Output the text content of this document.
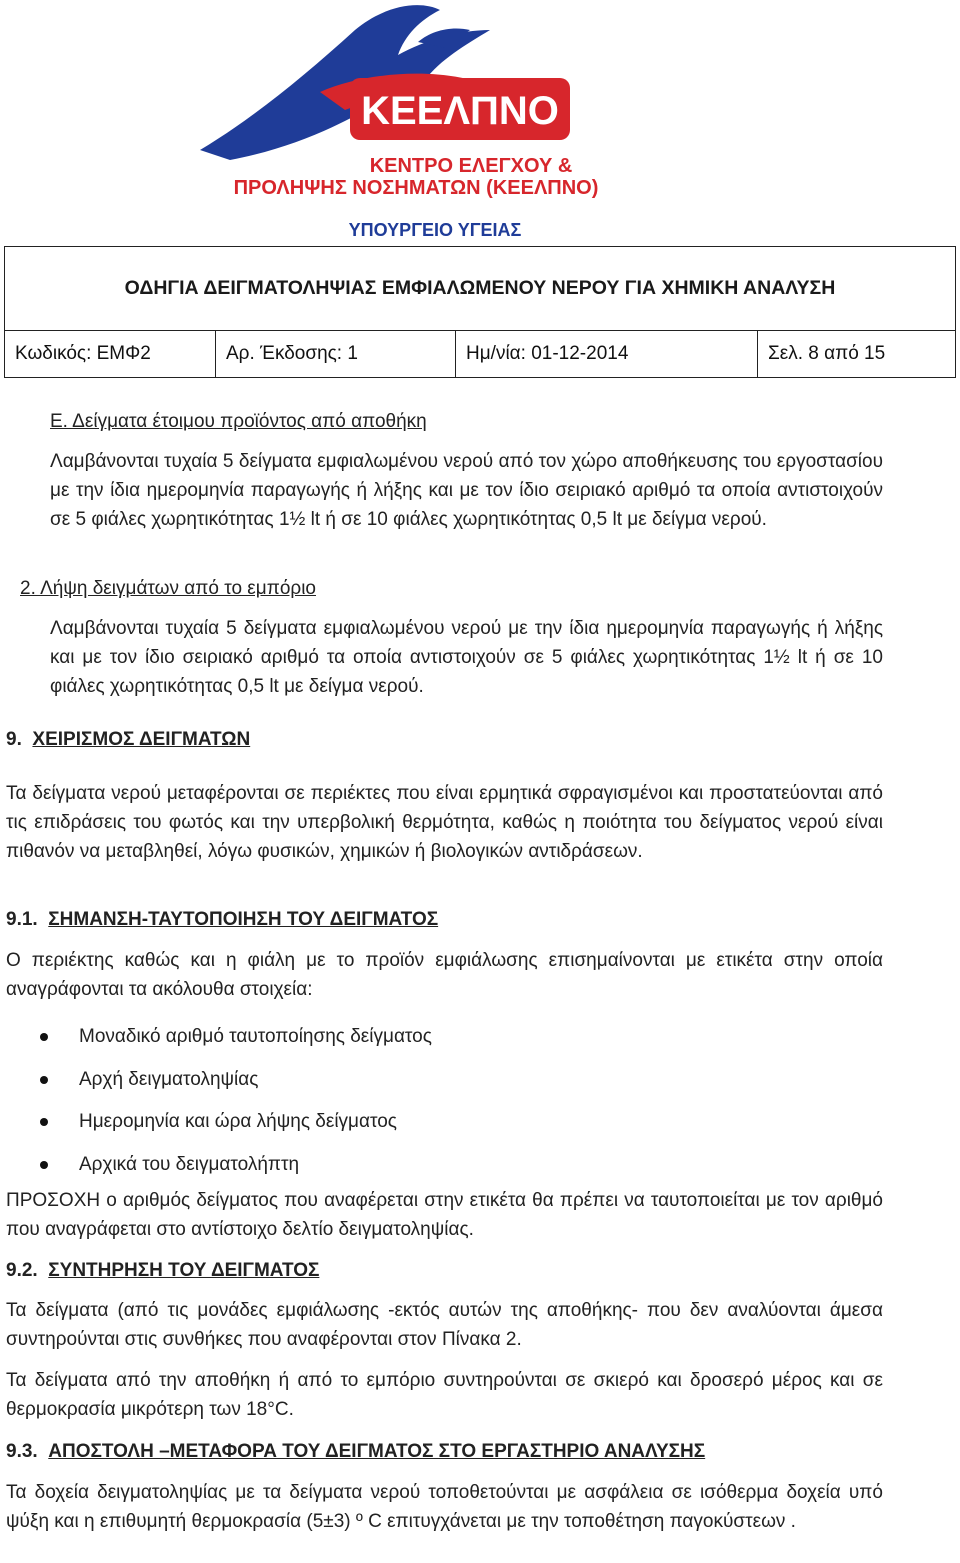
ΚΕΕΛΠΝΟ
ΚΕΝΤΡΟ ΕΛΕΓΧΟΥ &
ΠΡΟΛΗΨΗΣ ΝΟΣΗΜΑΤΩΝ (ΚΕΕΛΠΝΟ)
ΥΠΟΥΡΓΕΙΟ ΥΓΕΙΑΣ
ΟΔΗΓΙΑ ΔΕΙΓΜΑΤΟΛΗΨΙΑΣ ΕΜΦΙΑΛΩΜΕΝΟΥ ΝΕΡΟΥ ΓΙΑ ΧΗΜΙΚΗ ΑΝΑΛΥΣΗ
Κωδικός: ΕΜΦ2	Αρ. Έκδοσης: 1	Ημ/νία: 01-12-2014	Σελ. 8 από 15

Ε. Δείγματα έτοιμου προϊόντος από αποθήκη

Λαμβάνονται τυχαία 5 δείγματα εμφιαλωμένου νερού από τον χώρο αποθήκευσης του εργοστασίου με την ίδια ημερομηνία παραγωγής ή λήξης και με τον ίδιο σειριακό αριθμό τα οποία αντιστοιχούν σε 5 φιάλες χωρητικότητας 1½ lt ή σε 10 φιάλες χωρητικότητας 0,5 lt με δείγμα νερού.

2. Λήψη δειγμάτων από το εμπόριο

Λαμβάνονται τυχαία 5 δείγματα εμφιαλωμένου νερού με την ίδια ημερομηνία παραγωγής ή λήξης και με τον ίδιο σειριακό αριθμό τα οποία αντιστοιχούν σε 5 φιάλες χωρητικότητας 1½ lt ή σε 10 φιάλες χωρητικότητας 0,5 lt με δείγμα νερού.

9. ΧΕΙΡΙΣΜΟΣ ΔΕΙΓΜΑΤΩΝ

Τα δείγματα νερού μεταφέρονται σε περιέκτες που είναι ερμητικά σφραγισμένοι και προστατεύονται από τις επιδράσεις του φωτός και την υπερβολική θερμότητα, καθώς η ποιότητα του δείγματος νερού είναι πιθανόν να μεταβληθεί, λόγω φυσικών, χημικών ή βιολογικών αντιδράσεων.

9.1. ΣΗΜΑΝΣΗ-ΤΑΥΤΟΠΟΙΗΣΗ ΤΟΥ ΔΕΙΓΜΑΤΟΣ

Ο περιέκτης καθώς και η φιάλη με το προϊόν εμφιάλωσης επισημαίνονται με ετικέτα στην οποία αναγράφονται τα ακόλουθα στοιχεία:

Μοναδικό αριθμό ταυτοποίησης δείγματος
Αρχή δειγματοληψίας
Ημερομηνία και ώρα λήψης δείγματος
Αρχικά του δειγματολήπτη

ΠΡΟΣΟΧΗ ο αριθμός δείγματος που αναφέρεται στην ετικέτα θα πρέπει να ταυτοποιείται με τον αριθμό που αναγράφεται στο αντίστοιχο δελτίο δειγματοληψίας.

9.2. ΣΥΝΤΗΡΗΣΗ ΤΟΥ ΔΕΙΓΜΑΤΟΣ

Τα δείγματα (από τις μονάδες εμφιάλωσης -εκτός αυτών της αποθήκης- που δεν αναλύονται άμεσα συντηρούνται στις συνθήκες που αναφέρονται στον Πίνακα 2.

Τα δείγματα από την αποθήκη ή από το εμπόριο συντηρούνται σε σκιερό και δροσερό μέρος και σε θερμοκρασία μικρότερη των 18°C.

9.3. ΑΠΟΣΤΟΛΗ –ΜΕΤΑΦΟΡΑ ΤΟΥ ΔΕΙΓΜΑΤΟΣ ΣΤΟ ΕΡΓΑΣΤΗΡΙΟ ΑΝΑΛΥΣΗΣ

Τα δοχεία δειγματοληψίας με τα δείγματα νερού τοποθετούνται με ασφάλεια σε ισόθερμα δοχεία υπό ψύξη και η επιθυμητή θερμοκρασία (5±3) º C επιτυγχάνεται με την τοποθέτηση παγοκύστεων .
